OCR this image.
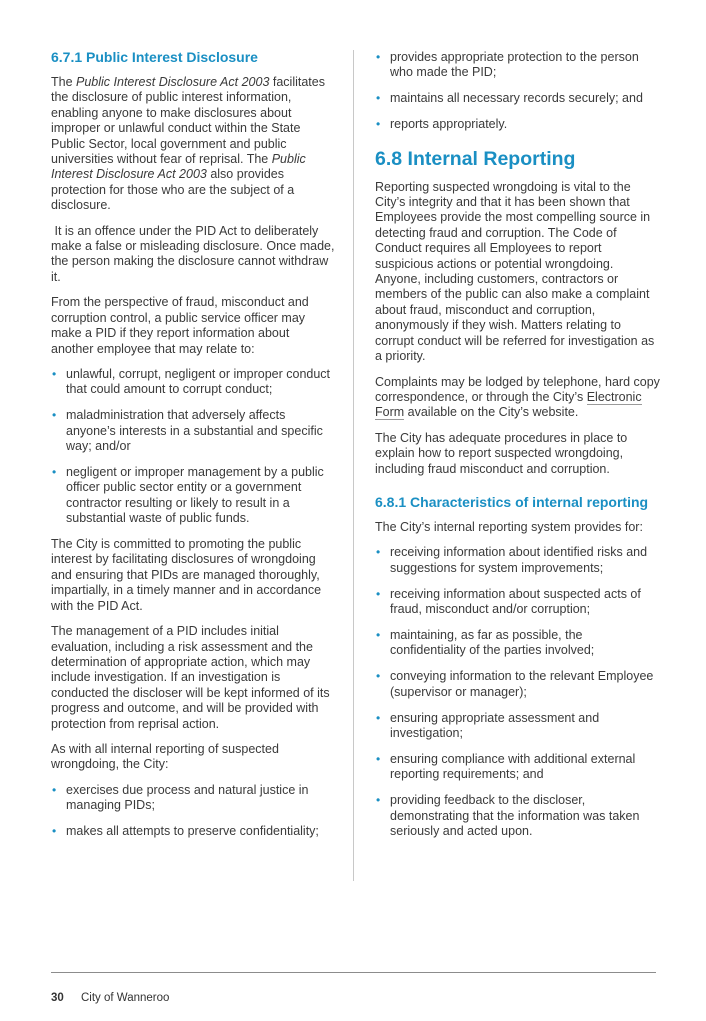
6.7.1 Public Interest Disclosure

The Public Interest Disclosure Act 2003 facilitates the disclosure of public interest information, enabling anyone to make disclosures about improper or unlawful conduct within the State Public Sector, local government and public universities without fear of reprisal. The Public Interest Disclosure Act 2003 also provides protection for those who are the subject of a disclosure.

It is an offence under the PID Act to deliberately make a false or misleading disclosure. Once made, the person making the disclosure cannot withdraw it.

From the perspective of fraud, misconduct and corruption control, a public service officer may make a PID if they report information about another employee that may relate to:

• unlawful, corrupt, negligent or improper conduct that could amount to corrupt conduct;
• maladministration that adversely affects anyone’s interests in a substantial and specific way; and/or
• negligent or improper management by a public officer public sector entity or a government contractor resulting or likely to result in a substantial waste of public funds.

The City is committed to promoting the public interest by facilitating disclosures of wrongdoing and ensuring that PIDs are managed thoroughly, impartially, in a timely manner and in accordance with the PID Act.

The management of a PID includes initial evaluation, including a risk assessment and the determination of appropriate action, which may include investigation. If an investigation is conducted the discloser will be kept informed of its progress and outcome, and will be provided with protection from reprisal action.

As with all internal reporting of suspected wrongdoing, the City:

• exercises due process and natural justice in managing PIDs;
• makes all attempts to preserve confidentiality;
• provides appropriate protection to the person who made the PID;
• maintains all necessary records securely; and
• reports appropriately.
6.8 Internal Reporting

Reporting suspected wrongdoing is vital to the City’s integrity and that it has been shown that Employees provide the most compelling source in detecting fraud and corruption. The Code of Conduct requires all Employees to report suspicious actions or potential wrongdoing. Anyone, including customers, contractors or members of the public can also make a complaint about fraud, misconduct and corruption, anonymously if they wish. Matters relating to corrupt conduct will be referred for investigation as a priority.

Complaints may be lodged by telephone, hard copy correspondence, or through the City’s Electronic Form available on the City’s website.

The City has adequate procedures in place to explain how to report suspected wrongdoing, including fraud misconduct and corruption.

6.8.1 Characteristics of internal reporting

The City’s internal reporting system provides for:

• receiving information about identified risks and suggestions for system improvements;
• receiving information about suspected acts of fraud, misconduct and/or corruption;
• maintaining, as far as possible, the confidentiality of the parties involved;
• conveying information to the relevant Employee (supervisor or manager);
• ensuring appropriate assessment and investigation;
• ensuring compliance with additional external reporting requirements; and
• providing feedback to the discloser, demonstrating that the information was taken seriously and acted upon.
30 City of Wanneroo
